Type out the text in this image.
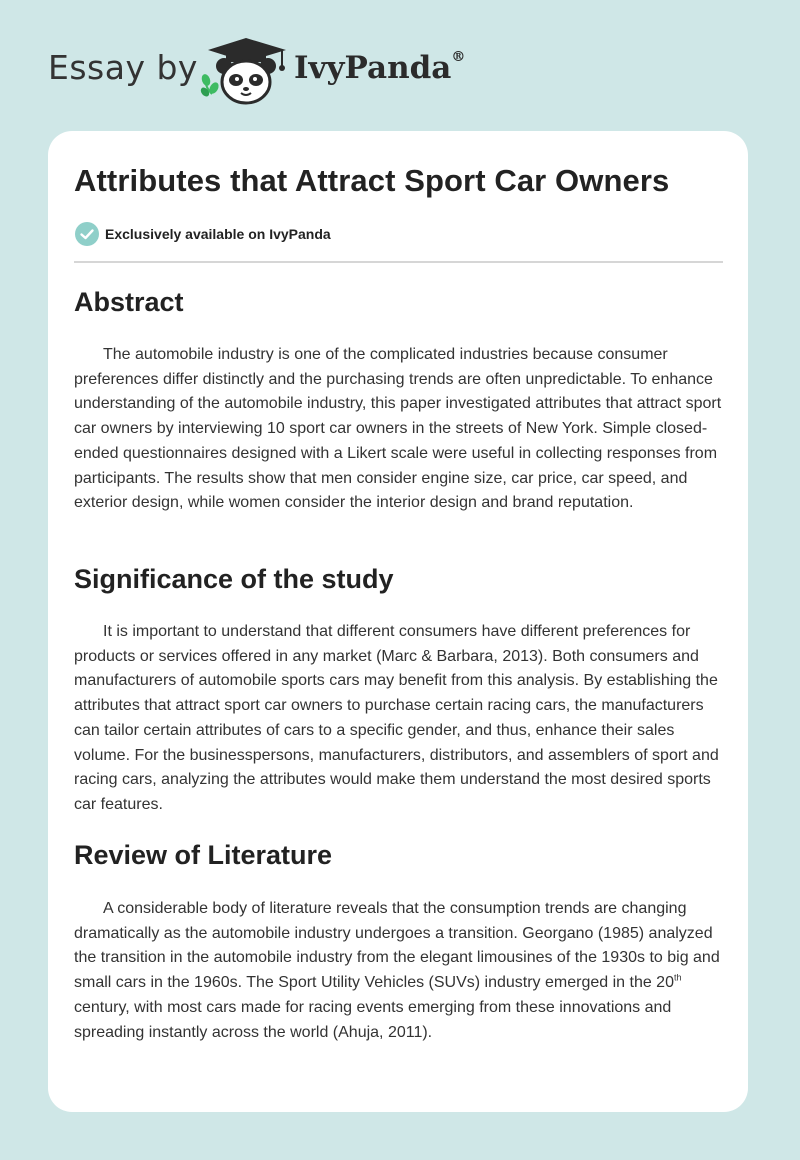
Essay by	IvyPanda®
Attributes that Attract Sport Car Owners
Exclusively available on IvyPanda
Abstract

The automobile industry is one of the complicated industries because consumer preferences differ distinctly and the purchasing trends are often unpredictable. To enhance understanding of the automobile industry, this paper investigated attributes that attract sport car owners by interviewing 10 sport car owners in the streets of New York. Simple closed-ended questionnaires designed with a Likert scale were useful in collecting responses from participants. The results show that men consider engine size, car price, car speed, and exterior design, while women consider the interior design and brand reputation.

Significance of the study

It is important to understand that different consumers have different preferences for products or services offered in any market (Marc & Barbara, 2013). Both consumers and manufacturers of automobile sports cars may benefit from this analysis. By establishing the attributes that attract sport car owners to purchase certain racing cars, the manufacturers can tailor certain attributes of cars to a specific gender, and thus, enhance their sales volume. For the businesspersons, manufacturers, distributors, and assemblers of sport and racing cars, analyzing the attributes would make them understand the most desired sports car features.

Review of Literature

A considerable body of literature reveals that the consumption trends are changing dramatically as the automobile industry undergoes a transition. Georgano (1985) analyzed the transition in the automobile industry from the elegant limousines of the 1930s to big and small cars in the 1960s. The Sport Utility Vehicles (SUVs) industry emerged in the 20th century, with most cars made for racing events emerging from these innovations and spreading instantly across the world (Ahuja, 2011).
